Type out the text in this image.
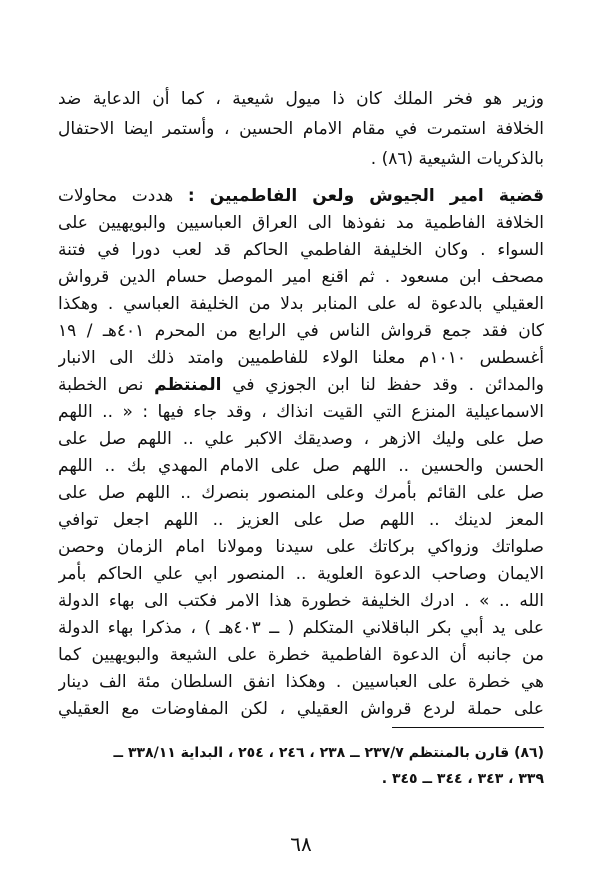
وزير هو فخر الملك كان ذا ميول شيعية ، كما أن الدعاية ضد
الخلافة استمرت في مقام الامام الحسين ، وأستمر ايضا الاحتفال
بالذكريات الشيعية (٨٦) .
قضية امير الجيوش ولعن الفاطميين : هددت محاولات
الخلافة الفاطمية مد نفوذها الى العراق العباسيين والبويهيين على
السواء . وكان الخليفة الفاطمي الحاكم قد لعب دورا في فتنة
مصحف ابن مسعود . ثم اقنع امير الموصل حسام الدين قرواش
العقيلي بالدعوة له على المنابر بدلا من الخليفة العباسي . وهكذا
كان فقد جمع قرواش الناس في الرابع من المحرم ٤٠١هـ / ١٩
أغسطس ١٠١٠م معلنا الولاء للفاطميين وامتد ذلك الى الانبار
والمدائن . وقد حفظ لنا ابن الجوزي في المنتظم نص الخطبة
الاسماعيلية المنزع التي القيت انذاك ، وقد جاء فيها : « .. اللهم
صل على وليك الازهر ، وصديقك الاكبر علي .. اللهم صل على
الحسن والحسين .. اللهم صل على الامام المهدي بك .. اللهم
صل على القائم بأمرك وعلى المنصور بنصرك .. اللهم صل على
المعز لدينك .. اللهم صل على العزيز .. اللهم اجعل توافي
صلواتك وزواكي بركاتك على سيدنا ومولانا امام الزمان وحصن
الايمان وصاحب الدعوة العلوية .. المنصور ابي علي الحاكم بأمر
الله .. » . ادرك الخليفة خطورة هذا الامر فكتب الى بهاء الدولة
على يد أبي بكر الباقلاني المتكلم ( ــ ٤٠٣هـ ) ، مذكرا بهاء الدولة
من جانبه أن الدعوة الفاطمية خطرة على الشيعة والبويهيين كما
هي خطرة على العباسيين . وهكذا انفق السلطان مئة الف دينار
على حملة لردع قرواش العقيلي ، لكن المفاوضات مع العقيلي
(٨٦) قارن بالمنتظم ٢٣٧/٧ ــ ٢٣٨ ، ٢٤٦ ، ٢٥٤ ، البداية ٣٣٨/١١ ــ
٣٣٩ ، ٣٤٣ ، ٣٤٤ ــ ٣٤٥ .
٦٨
